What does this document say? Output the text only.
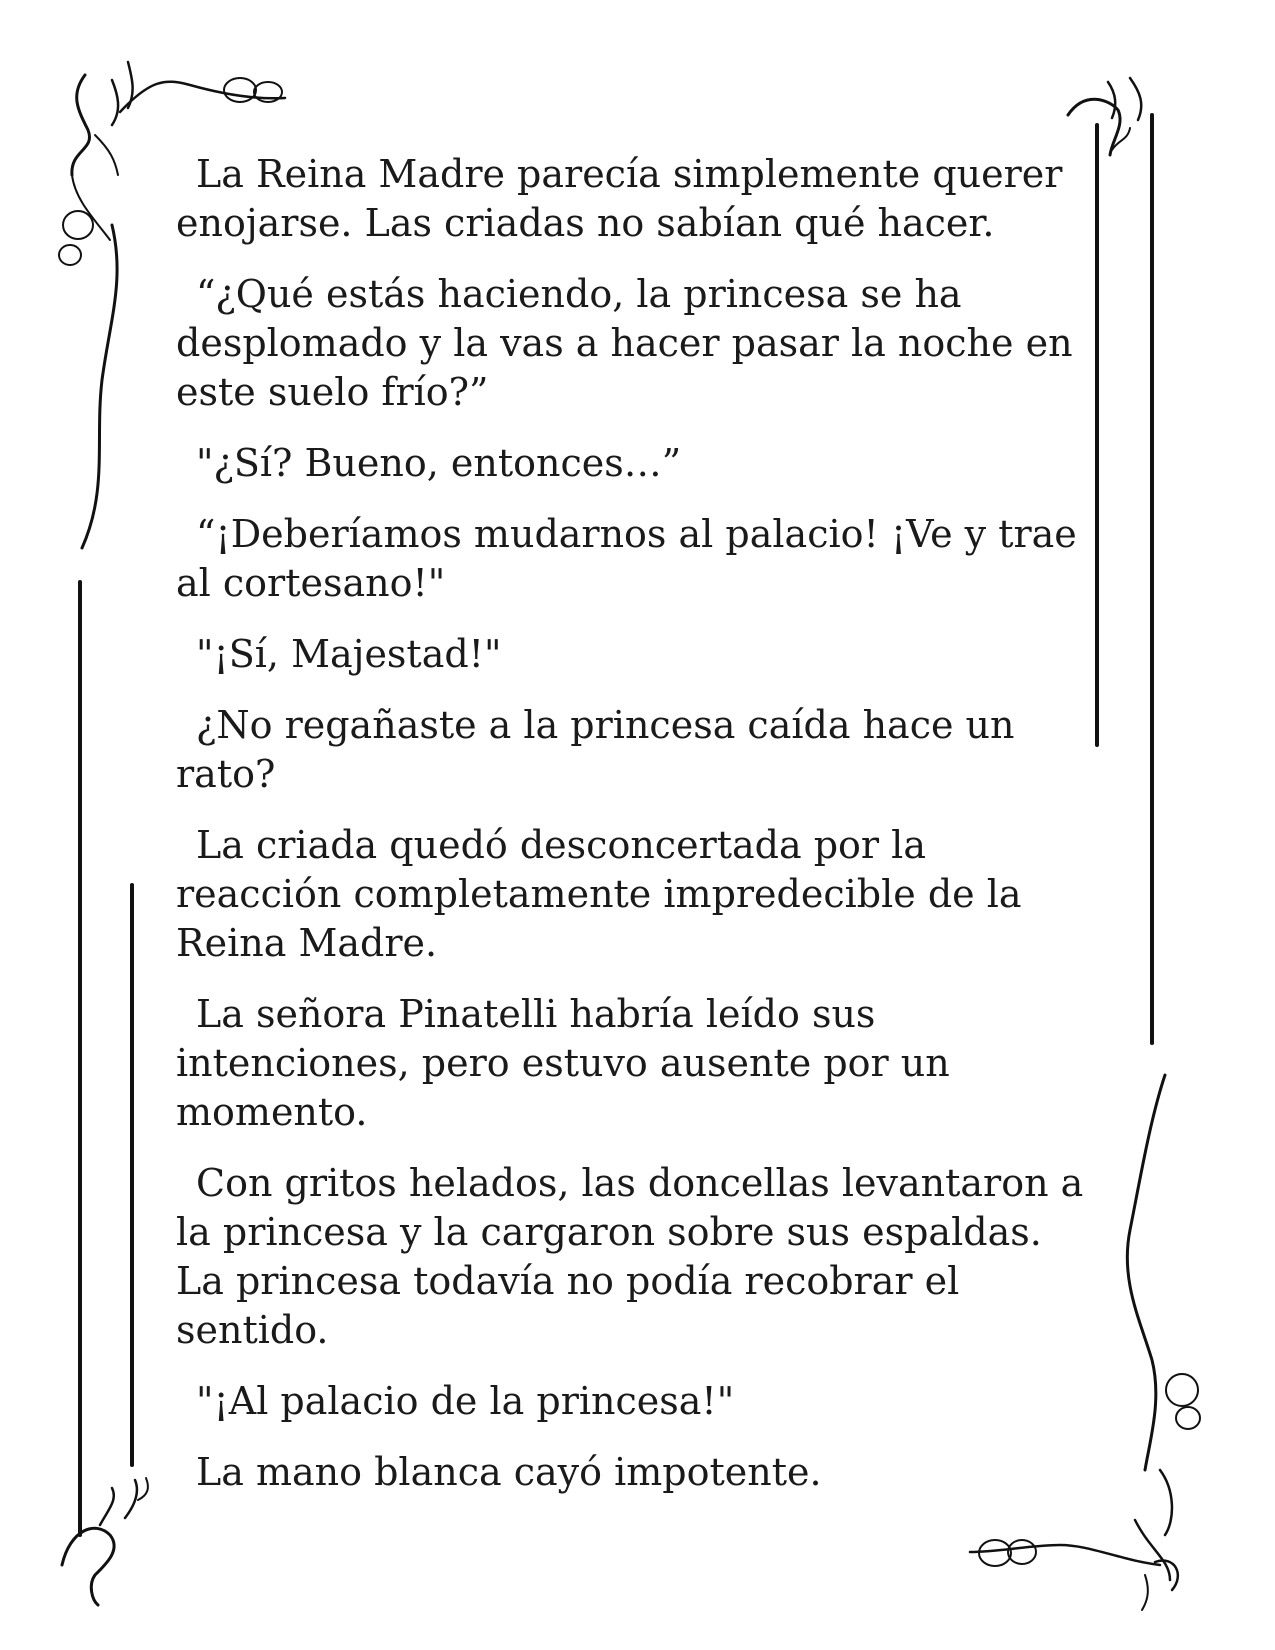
La Reina Madre parecía simplemente querer enojarse. Las criadas no sabían qué hacer.

“¿Qué estás haciendo, la princesa se ha desplomado y la vas a hacer pasar la noche en este suelo frío?”

"¿Sí? Bueno, entonces…”

“¡Deberíamos mudarnos al palacio! ¡Ve y trae al cortesano!"

"¡Sí, Majestad!"

¿No regañaste a la princesa caída hace un rato?

La criada quedó desconcertada por la reacción completamente impredecible de la Reina Madre.

La señora Pinatelli habría leído sus intenciones, pero estuvo ausente por un momento.

Con gritos helados, las doncellas levantaron a la princesa y la cargaron sobre sus espaldas. La princesa todavía no podía recobrar el sentido.

"¡Al palacio de la princesa!"

La mano blanca cayó impotente.
